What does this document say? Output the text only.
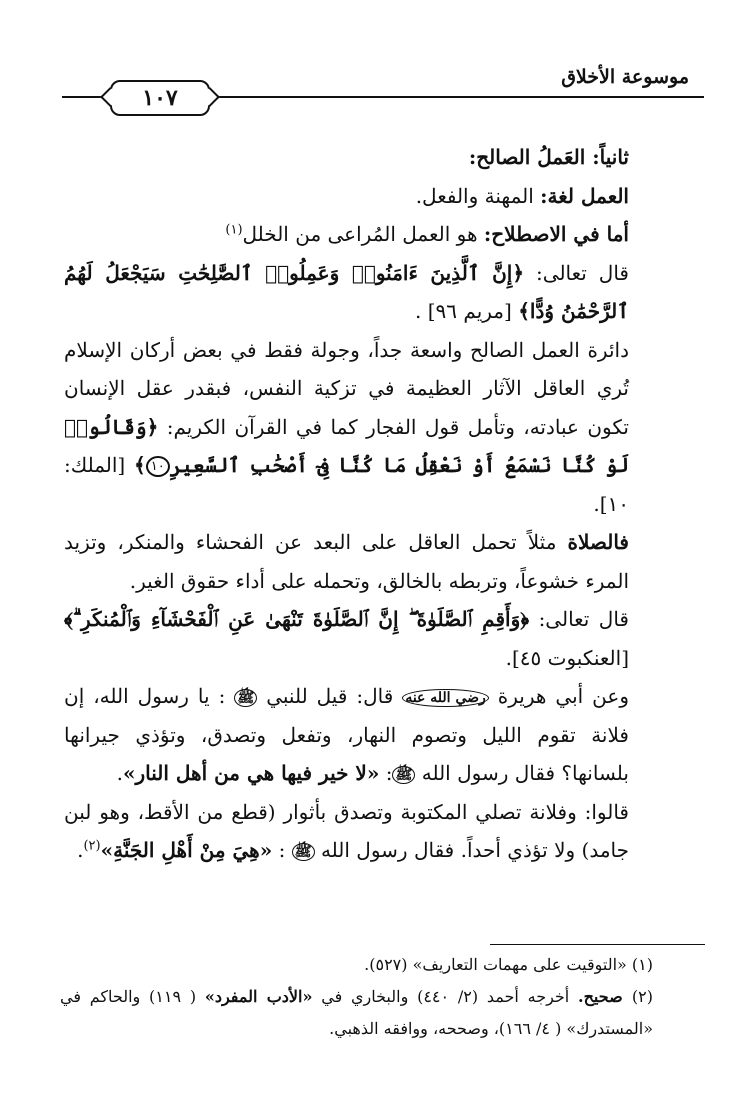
موسوعة الأخلاق
١٠٧

ثانياً: العَملُ الصالح:

العمل لغة: المهنة والفعل.

أما في الاصطلاح: هو العمل المُراعى من الخلل$^{(١)}$

قال تعالى: ﴿إِنَّ ٱلَّذِينَ ءَامَنُوا۟ وَعَمِلُوا۟ ٱلصَّٰلِحَٰتِ سَيَجْعَلُ لَهُمُ ٱلرَّحْمَٰنُ وُدًّا﴾ [مريم ٩٦] .

دائرة العمل الصالح واسعة جداً، وجولة فقط في بعض أركان الإسلام تُري العاقل الآثار العظيمة في تزكية النفس، فبقدر عقل الإنسان تكون عبادته، وتأمل قول الفجار كما في القرآن الكريم: ﴿وَقَالُوا۟ لَوْ كُنَّا نَسْمَعُ أَوْ نَعْقِلُ مَا كُنَّا فِىٓ أَصْحَٰبِ ٱلسَّعِيرِ١٠﴾ [الملك: ١٠].

فالصلاة مثلاً تحمل العاقل على البعد عن الفحشاء والمنكر، وتزيد المرء خشوعاً، وتربطه بالخالق، وتحمله على أداء حقوق الغير.

قال تعالى: ﴿وَأَقِمِ ٱلصَّلَوٰةَ ۖ إِنَّ ٱلصَّلَوٰةَ تَنْهَىٰ عَنِ ٱلْفَحْشَآءِ وَٱلْمُنكَرِ ۗ﴾ [العنكبوت ٤٥].

وعن أبي هريرة رضي الله عنه قال: قيل للنبي ﷺ : يا رسول الله، إن فلانة تقوم الليل وتصوم النهار، وتفعل وتصدق، وتؤذي جيرانها بلسانها؟ فقال رسول الله ﷺ: «لا خير فيها هي من أهل النار».

قالوا: وفلانة تصلي المكتوبة وتصدق بأثوار (قطع من الأقط، وهو لبن جامد) ولا تؤذي أحداً. فقال رسول الله ﷺ : «هِيَ مِنْ أَهْلِ الجَنَّةِ»$^{(٢)}$.

(١) «التوقيت على مهمات التعاريف» (٥٢٧).

(٢) صحيح. أخرجه أحمد (٢/ ٤٤٠) والبخاري في «الأدب المفرد» ( ١١٩) والحاكم في «المستدرك» ( ٤/ ١٦٦)، وصححه، ووافقه الذهبي.
